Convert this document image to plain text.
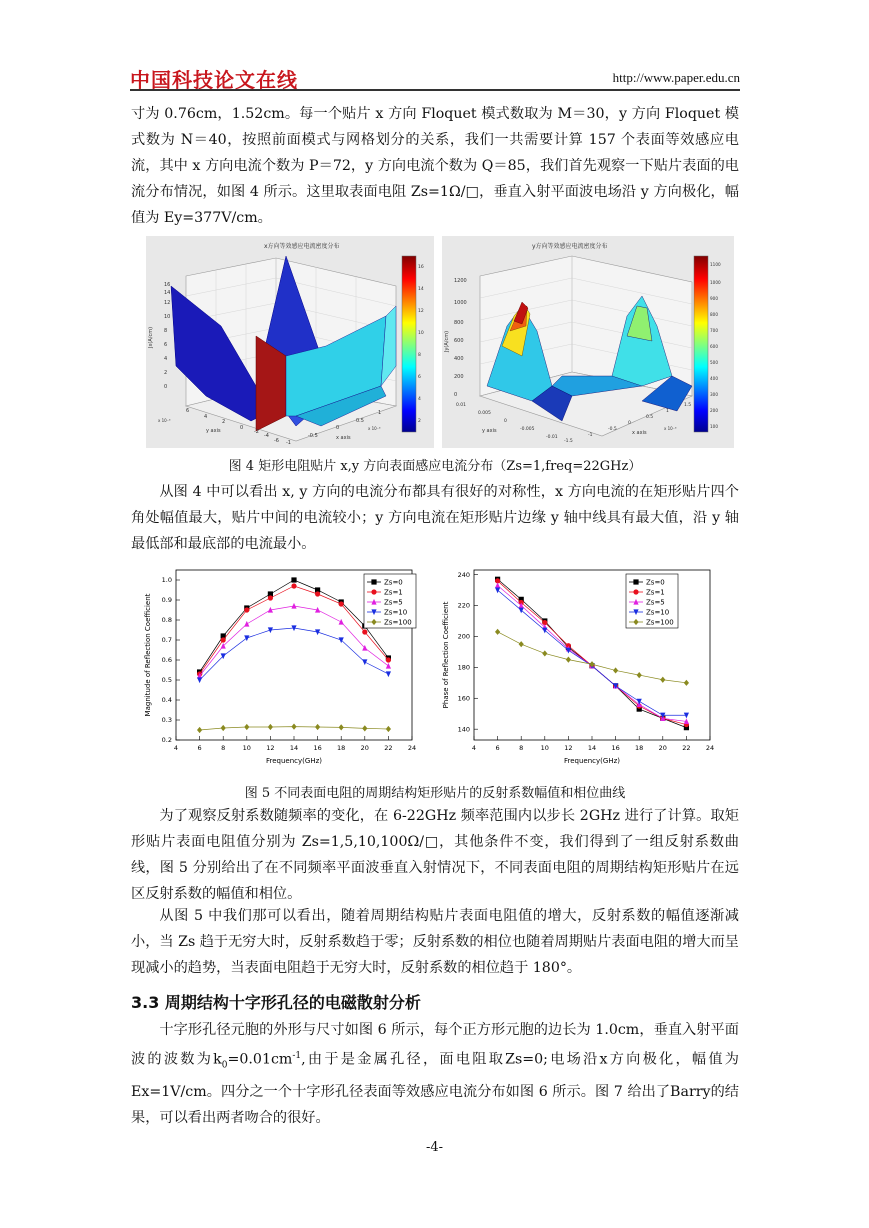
中国科技论文在线	http://www.paper.edu.cn

寸为 0.76cm，1.52cm。每一个贴片 x 方向 Floquet 模式数取为 M＝30，y 方向 Floquet 模式数为 N＝40，按照前面模式与网格划分的关系，我们一共需要计算 157 个表面等效感应电流，其中 x 方向电流个数为 P＝72，y 方向电流个数为 Q＝85，我们首先观察一下贴片表面的电流分布情况，如图 4 所示。这里取表面电阻 Zs=1Ω/□，垂直入射平面波电场沿 y 方向极化，幅值为 Ey=377V/cm。

x方向等效感应电流密度分布
0
2
4
6
8
10
12
14
16
Jx(A/cm)
6
4
2
0
-2
-4
-6 -1
-0.5
0
0.5
1
y axis
x axis
x 10⁻³
x 10⁻³
2
4
6
8
10
12
14
16
y方向等效感应电流密度分布
0
200
400
600
800
1000
1200
Jy(A/cm)
0.01
0.005
0
-0.005
-0.01
-1.5
-1
-0.5
0
0.5
1
1.5
y axis	x axis
x 10⁻³	100
200
300
400
500
600
700
800
900
1000
1100
图 4 矩形电阻贴片 x,y 方向表面感应电流分布（Zs=1,freq=22GHz）

从图 4 中可以看出 x, y 方向的电流分布都具有很好的对称性，x 方向电流的在矩形贴片四个角处幅值最大，贴片中间的电流较小；y 方向电流在矩形贴片边缘 y 轴中线具有最大值，沿 y 轴最低部和最底部的电流最小。

4	6	8	10 12 14 16 18 20 22 24
0.2
0.3
0.4
0.5
0.6
0.7
0.8
0.9
1.0
Frequency(GHz)
Magnitude of Reflection Coefficient
Zs=0
Zs=1
Zs=5
Zs=10
Zs=100
4	6	8	10 12 14 16 18 20 22 24
140
160
180
200
220
240
Frequency(GHz)
Phase of Reflection Coefficient
Zs=0
Zs=1
Zs=5
Zs=10
Zs=100
图 5 不同表面电阻的周期结构矩形贴片的反射系数幅值和相位曲线

为了观察反射系数随频率的变化，在 6-22GHz 频率范围内以步长 2GHz 进行了计算。取矩形贴片表面电阻值分别为 Zs=1,5,10,100Ω/□，其他条件不变，我们得到了一组反射系数曲线，图 5 分别给出了在不同频率平面波垂直入射情况下，不同表面电阻的周期结构矩形贴片在远区反射系数的幅值和相位。

从图 5 中我们那可以看出，随着周期结构贴片表面电阻值的增大，反射系数的幅值逐渐减小，当 Zs 趋于无穷大时，反射系数趋于零；反射系数的相位也随着周期贴片表面电阻的增大而呈现减小的趋势，当表面电阻趋于无穷大时，反射系数的相位趋于 180°。

3.3 周期结构十字形孔径的电磁散射分析

十字形孔径元胞的外形与尺寸如图 6 所示，每个正方形元胞的边长为 1.0cm，垂直入射平面波的波数为$k_0=0.01cm^{-1}$,由于是金属孔径，面电阻取Zs=0;电场沿x方向极化，幅值为Ex=1V/cm。四分之一个十字形孔径表面等效感应电流分布如图 6 所示。图 7 给出了Barry的结果，可以看出两者吻合的很好。

-4-
